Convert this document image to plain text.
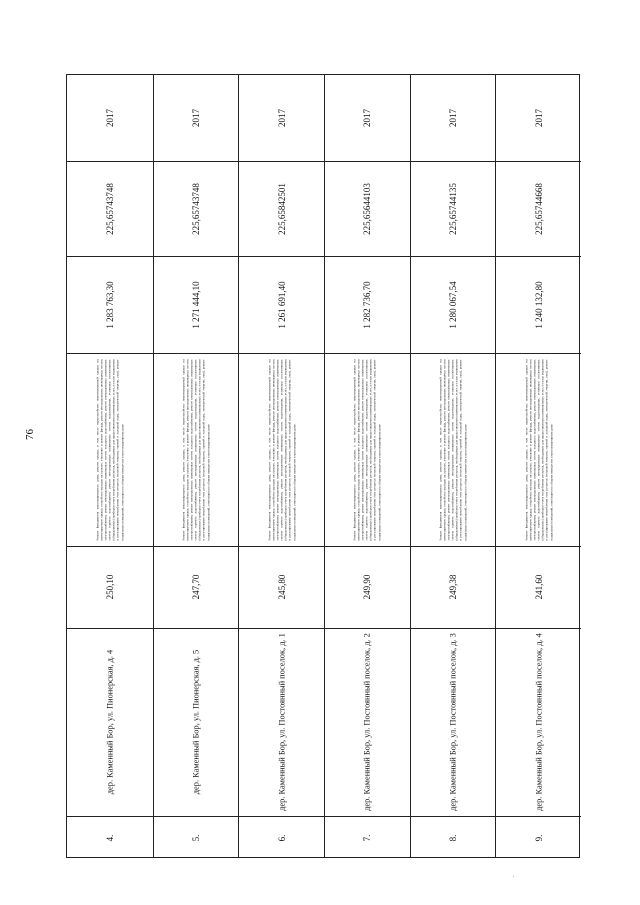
76
2017
225,65743748
1 283 763,30
Ремонт фундамента многоквартирного дома, ремонт крыши, в том числе переустройство невентилируемой крыши на вентилируемую крышу, устройство выходов на кровлю, утепление и ремонт фасада, ремонт внутридомовых инженерных систем электроснабжения, ремонт внутридомовых инженерных систем холодного водоснабжения, ремонт внутридомовых инженерных систем горячего водоснабжения, ремонт внутридомовых инженерных систем водоотведения, установка коллективных (общедомовых) приборов учета потребления ресурсов, необходимых для предоставления коммунальных услуг, и узлов управления и регулирования потребления этих ресурсов (тепловой энергии, горячей и холодной воды, электрической энергии, газа), ремонт подвальных помещений, относящихся к общему имуществу в многоквартирном доме
250,10
дер. Каменный Бор, ул. Пионерская, д. 4
4.
2017
225,65743748
1 271 444,10
Ремонт фундамента многоквартирного дома, ремонт крыши, в том числе переустройство невентилируемой крыши на вентилируемую крышу, устройство выходов на кровлю, утепление и ремонт фасада, ремонт внутридомовых инженерных систем электроснабжения, ремонт внутридомовых инженерных систем холодного водоснабжения, ремонт внутридомовых инженерных систем горячего водоснабжения, ремонт внутридомовых инженерных систем водоотведения, установка коллективных (общедомовых) приборов учета потребления ресурсов, необходимых для предоставления коммунальных услуг, и узлов управления и регулирования потребления этих ресурсов (тепловой энергии, горячей и холодной воды, электрической энергии, газа), ремонт подвальных помещений, относящихся к общему имуществу в многоквартирном доме
247,70
дер. Каменный Бор, ул. Пионерская, д. 5
5.
2017
225,65842501
1 261 691,40
Ремонт фундамента многоквартирного дома, ремонт крыши, в том числе переустройство невентилируемой крыши на вентилируемую крышу, устройство выходов на кровлю, утепление и ремонт фасада, ремонт внутридомовых инженерных систем электроснабжения, ремонт внутридомовых инженерных систем холодного водоснабжения, ремонт внутридомовых инженерных систем горячего водоснабжения, ремонт внутридомовых инженерных систем водоотведения, установка коллективных (общедомовых) приборов учета потребления ресурсов, необходимых для предоставления коммунальных услуг, и узлов управления и регулирования потребления этих ресурсов (тепловой энергии, горячей и холодной воды, электрической энергии, газа), ремонт подвальных помещений, относящихся к общему имуществу в многоквартирном доме
245,80
дер. Каменный Бор, ул. Постоянный поселок, д. 1
6.
2017
225,65644103
1 282 736,70
Ремонт фундамента многоквартирного дома, ремонт крыши, в том числе переустройство невентилируемой крыши на вентилируемую крышу, устройство выходов на кровлю, утепление и ремонт фасада, ремонт внутридомовых инженерных систем электроснабжения, ремонт внутридомовых инженерных систем холодного водоснабжения, ремонт внутридомовых инженерных систем горячего водоснабжения, ремонт внутридомовых инженерных систем водоотведения, установка коллективных (общедомовых) приборов учета потребления ресурсов, необходимых для предоставления коммунальных услуг, и узлов управления и регулирования потребления этих ресурсов (тепловой энергии, горячей и холодной воды, электрической энергии, газа), ремонт подвальных помещений, относящихся к общему имуществу в многоквартирном доме
249,90
дер. Каменный Бор, ул. Постоянный поселок, д. 2
7.
2017
225,65744135
1 280 067,54
Ремонт фундамента многоквартирного дома, ремонт крыши, в том числе переустройство невентилируемой крыши на вентилируемую крышу, устройство выходов на кровлю, утепление и ремонт фасада, ремонт внутридомовых инженерных систем электроснабжения, ремонт внутридомовых инженерных систем холодного водоснабжения, ремонт внутридомовых инженерных систем горячего водоснабжения, ремонт внутридомовых инженерных систем водоотведения, установка коллективных (общедомовых) приборов учета потребления ресурсов, необходимых для предоставления коммунальных услуг, и узлов управления и регулирования потребления этих ресурсов (тепловой энергии, горячей и холодной воды, электрической энергии, газа), ремонт подвальных помещений, относящихся к общему имуществу в многоквартирном доме
249,38
дер. Каменный Бор, ул. Постоянный поселок, д. 3
8.
2017
225,65744668
1 240 132,80
Ремонт фундамента многоквартирного дома, ремонт крыши, в том числе переустройство невентилируемой крыши на вентилируемую крышу, устройство выходов на кровлю, утепление и ремонт фасада, ремонт внутридомовых инженерных систем электроснабжения, ремонт внутридомовых инженерных систем холодного водоснабжения, ремонт внутридомовых инженерных систем горячего водоснабжения, ремонт внутридомовых инженерных систем водоотведения, установка коллективных (общедомовых) приборов учета потребления ресурсов, необходимых для предоставления коммунальных услуг, и узлов управления и регулирования потребления этих ресурсов (тепловой энергии, горячей и холодной воды, электрической энергии, газа), ремонт подвальных помещений, относящихся к общему имуществу в многоквартирном доме
241,60
дер. Каменный Бор, ул. Постоянный поселок, д. 4
9.
.
